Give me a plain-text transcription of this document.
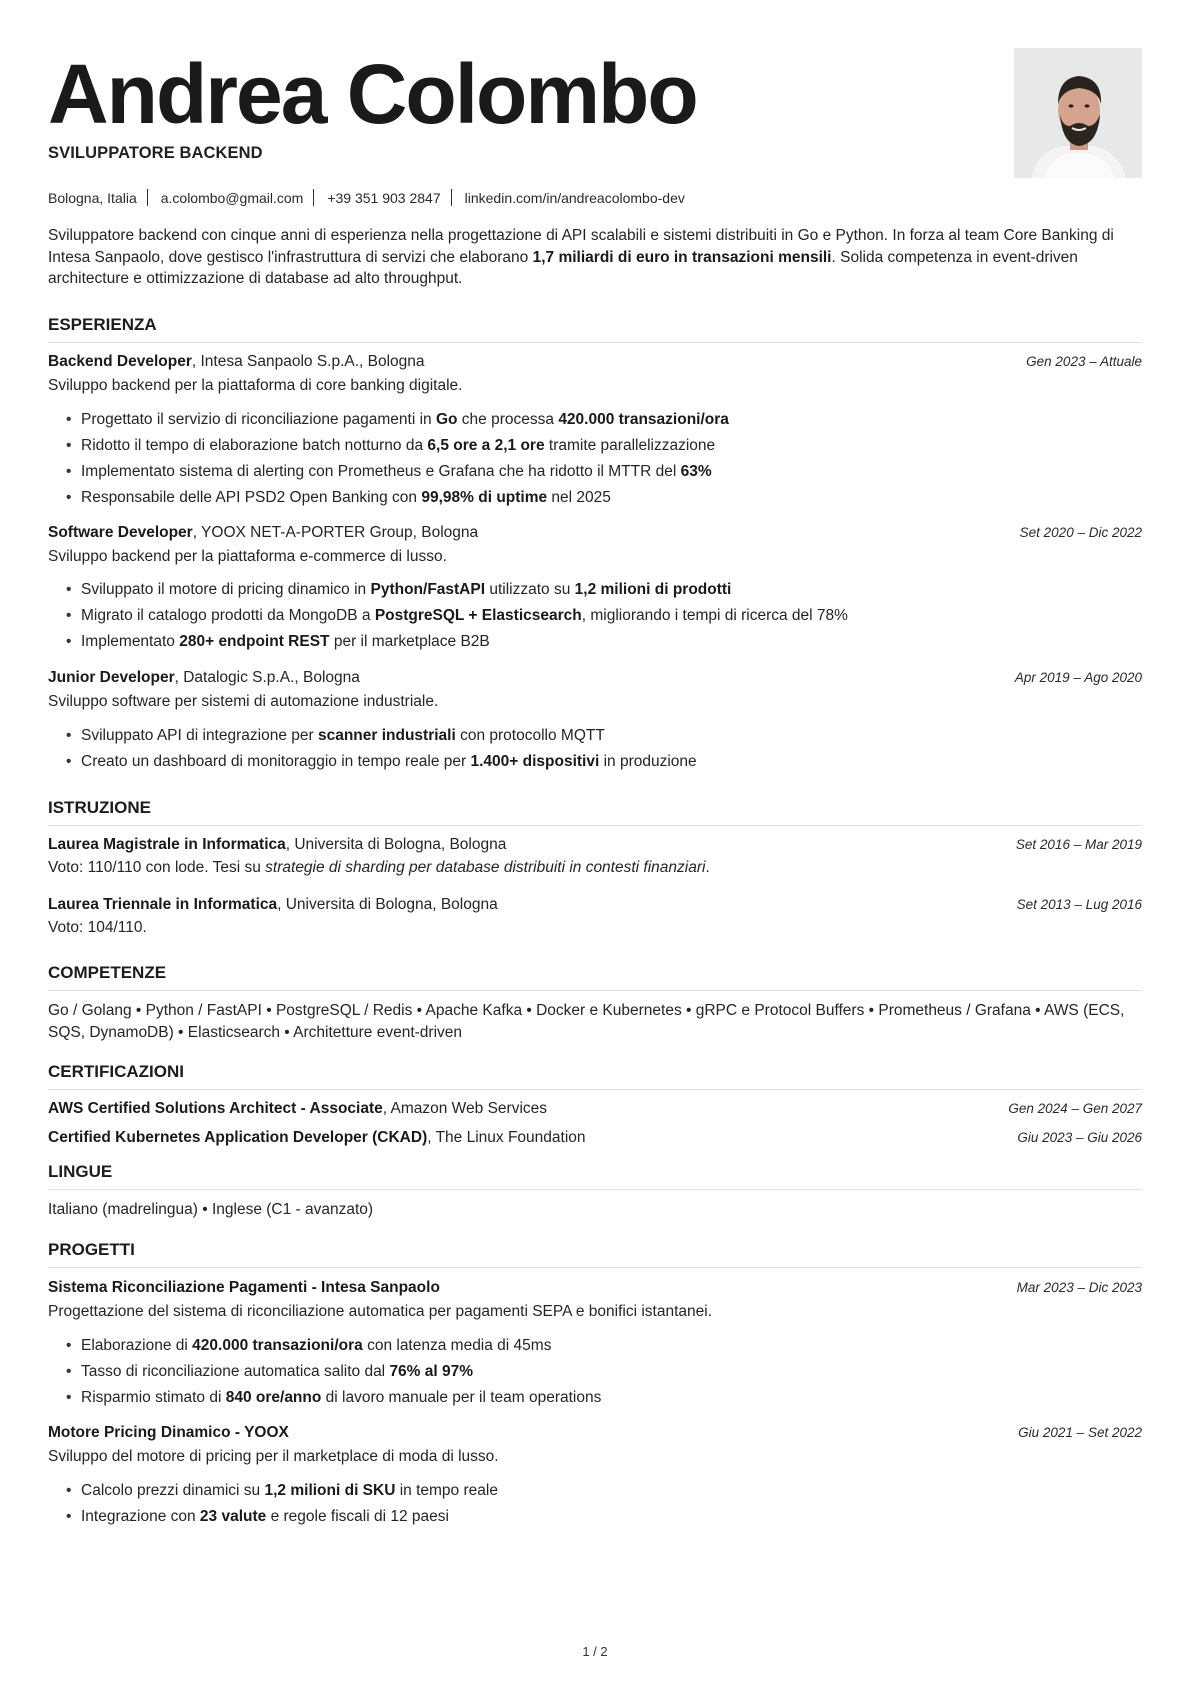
Andrea Colombo
SVILUPPATORE BACKEND
Bologna, Italia a.colombo@gmail.com +39 351 903 2847 linkedin.com/in/andreacolombo-dev
Sviluppatore backend con cinque anni di esperienza nella progettazione di API scalabili e sistemi distribuiti in Go e Python. In forza al team Core Banking di Intesa Sanpaolo, dove gestisco l'infrastruttura di servizi che elaborano 1,7 miliardi di euro in transazioni mensili. Solida competenza in event-driven architecture e ottimizzazione di database ad alto throughput.
ESPERIENZA
Backend Developer, Intesa Sanpaolo S.p.A., Bologna	Gen 2023 – Attuale
Sviluppo backend per la piattaforma di core banking digitale.
• Progettato il servizio di riconciliazione pagamenti in Go che processa 420.000 transazioni/ora
• Ridotto il tempo di elaborazione batch notturno da 6,5 ore a 2,1 ore tramite parallelizzazione
• Implementato sistema di alerting con Prometheus e Grafana che ha ridotto il MTTR del 63%
• Responsabile delle API PSD2 Open Banking con 99,98% di uptime nel 2025
Software Developer, YOOX NET-A-PORTER Group, Bologna	Set 2020 – Dic 2022
Sviluppo backend per la piattaforma e-commerce di lusso.
• Sviluppato il motore di pricing dinamico in Python/FastAPI utilizzato su 1,2 milioni di prodotti
• Migrato il catalogo prodotti da MongoDB a PostgreSQL + Elasticsearch, migliorando i tempi di ricerca del 78%
• Implementato 280+ endpoint REST per il marketplace B2B
Junior Developer, Datalogic S.p.A., Bologna	Apr 2019 – Ago 2020
Sviluppo software per sistemi di automazione industriale.
• Sviluppato API di integrazione per scanner industriali con protocollo MQTT
• Creato un dashboard di monitoraggio in tempo reale per 1.400+ dispositivi in produzione
ISTRUZIONE
Laurea Magistrale in Informatica, Universita di Bologna, Bologna	Set 2016 – Mar 2019
Voto: 110/110 con lode. Tesi su strategie di sharding per database distribuiti in contesti finanziari.
Laurea Triennale in Informatica, Universita di Bologna, Bologna	Set 2013 – Lug 2016
Voto: 104/110.
COMPETENZE
Go / Golang • Python / FastAPI • PostgreSQL / Redis • Apache Kafka • Docker e Kubernetes • gRPC e Protocol Buffers • Prometheus / Grafana • AWS (ECS, SQS, DynamoDB) • Elasticsearch • Architetture event-driven
CERTIFICAZIONI
AWS Certified Solutions Architect - Associate, Amazon Web Services	Gen 2024 – Gen 2027
Certified Kubernetes Application Developer (CKAD), The Linux Foundation	Giu 2023 – Giu 2026
LINGUE
Italiano (madrelingua) • Inglese (C1 - avanzato)
PROGETTI
Sistema Riconciliazione Pagamenti - Intesa Sanpaolo	Mar 2023 – Dic 2023
Progettazione del sistema di riconciliazione automatica per pagamenti SEPA e bonifici istantanei.
• Elaborazione di 420.000 transazioni/ora con latenza media di 45ms
• Tasso di riconciliazione automatica salito dal 76% al 97%
• Risparmio stimato di 840 ore/anno di lavoro manuale per il team operations
Motore Pricing Dinamico - YOOX	Giu 2021 – Set 2022
Sviluppo del motore di pricing per il marketplace di moda di lusso.
• Calcolo prezzi dinamici su 1,2 milioni di SKU in tempo reale
• Integrazione con 23 valute e regole fiscali di 12 paesi
1 / 2
